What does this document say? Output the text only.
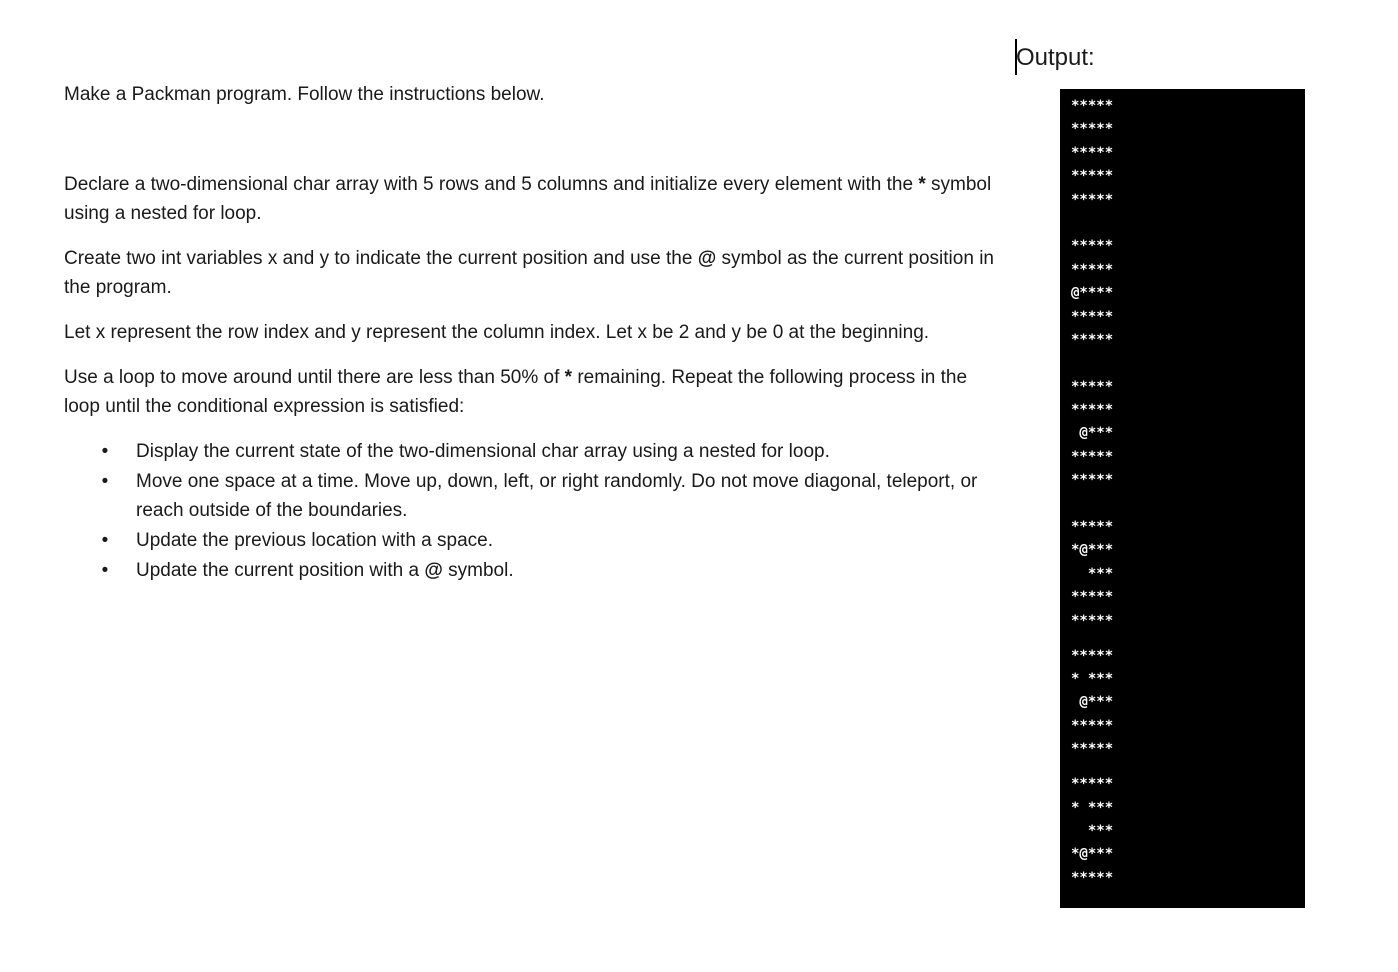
Make a Packman program. Follow the instructions below.

Declare a two-dimensional char array with 5 rows and 5 columns and initialize every element with the * symbol using a nested for loop.

Create two int variables x and y to indicate the current position and use the @ symbol as the current position in the program.

Let x represent the row index and y represent the column index. Let x be 2 and y be 0 at the beginning.

Use a loop to move around until there are less than 50% of * remaining. Repeat the following process in the loop until the conditional expression is satisfied:

• Display the current state of the two-dimensional char array using a nested for loop.
• Move one space at a time. Move up, down, left, or right randomly. Do not move diagonal, teleport, or reach outside of the boundaries.
• Update the previous location with a space.
• Update the current position with a @ symbol.
Output:
*****
*****
*****
*****
*****
*****
*****
@****
*****
*****
*****
*****
@***
*****
*****
*****
*@***
***
*****
*****
*****
* ***
@***
*****
*****
*****
* ***
***
*@***
*****
